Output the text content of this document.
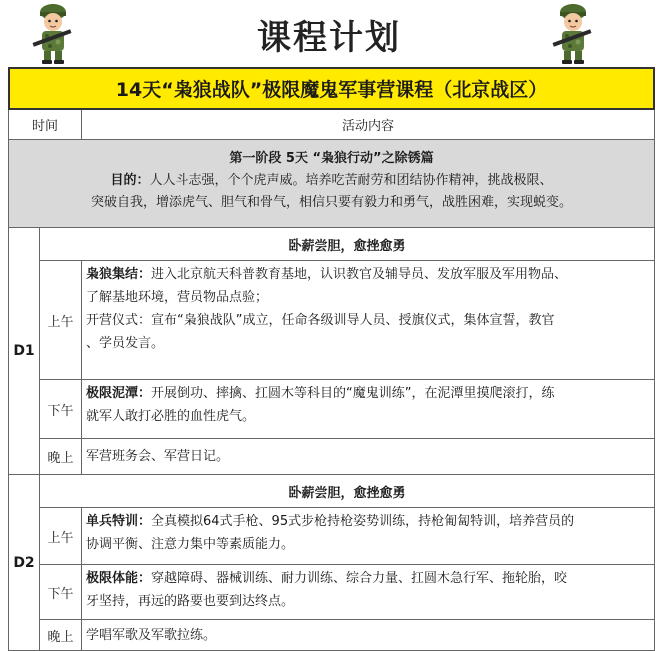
课程计划
14天“枭狼战队”极限魔鬼军事营课程（北京战区）
时间	活动内容
第一阶段 5天 “枭狼行动”之除锈篇
目的：人人斗志强，个个虎声威。培养吃苦耐劳和团结协作精神，挑战极限、
突破自我，增添虎气、胆气和骨气，相信只要有毅力和勇气，战胜困难，实现蜕变。
D1
卧薪尝胆，愈挫愈勇
上午
枭狼集结：进入北京航天科普教育基地，认识教官及辅导员、发放军服及军用物品、
了解基地环境，营员物品点验；
开营仪式：宣布“枭狼战队”成立，任命各级训导人员、授旗仪式，集体宣誓，教官
、学员发言。
下午
极限泥潭：开展倒功、摔擒、扛圆木等科目的“魔鬼训练”，在泥潭里摸爬滚打，练
就军人敢打必胜的血性虎气。
晚上 军营班务会、军营日记。
D2
卧薪尝胆，愈挫愈勇
上午
单兵特训：全真模拟64式手枪、95式步枪持枪姿势训练，持枪匍匐特训，培养营员的
协调平衡、注意力集中等素质能力。
下午
极限体能：穿越障碍、器械训练、耐力训练、综合力量、扛圆木急行军、拖轮胎，咬
牙坚持，再远的路要也要到达终点。
晚上 学唱军歌及军歌拉练。
